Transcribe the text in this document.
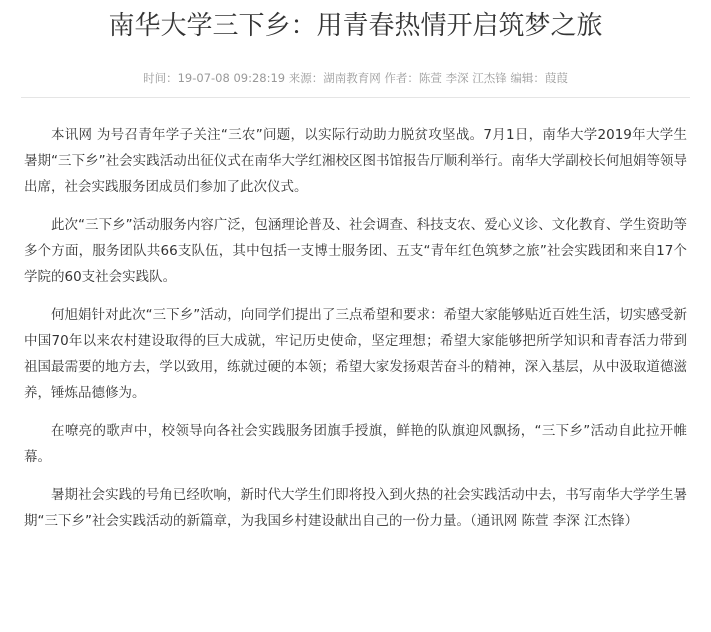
南华大学三下乡：用青春热情开启筑梦之旅
时间：19-07-08 09:28:19 来源：湖南教育网 作者：陈萱 李深 江杰锋 编辑：葭葭

本讯网 为号召青年学子关注“三农”问题，以实际行动助力脱贫攻坚战。7月1日，南华大学2019年大学生暑期“三下乡”社会实践活动出征仪式在南华大学红湘校区图书馆报告厅顺利举行。南华大学副校长何旭娟等领导出席，社会实践服务团成员们参加了此次仪式。

此次“三下乡”活动服务内容广泛，包涵理论普及、社会调查、科技支农、爱心义诊、文化教育、学生资助等多个方面，服务团队共66支队伍，其中包括一支博士服务团、五支“青年红色筑梦之旅”社会实践团和来自17个学院的60支社会实践队。

何旭娟针对此次“三下乡”活动，向同学们提出了三点希望和要求：希望大家能够贴近百姓生活，切实感受新中国70年以来农村建设取得的巨大成就，牢记历史使命，坚定理想；希望大家能够把所学知识和青春活力带到祖国最需要的地方去，学以致用，练就过硬的本领；希望大家发扬艰苦奋斗的精神，深入基层，从中汲取道德滋养，锤炼品德修为。

在嘹亮的歌声中，校领导向各社会实践服务团旗手授旗，鲜艳的队旗迎风飘扬，“三下乡”活动自此拉开帷幕。

暑期社会实践的号角已经吹响，新时代大学生们即将投入到火热的社会实践活动中去，书写南华大学学生暑期“三下乡”社会实践活动的新篇章，为我国乡村建设献出自己的一份力量。（通讯网 陈萱 李深 江杰锋）
